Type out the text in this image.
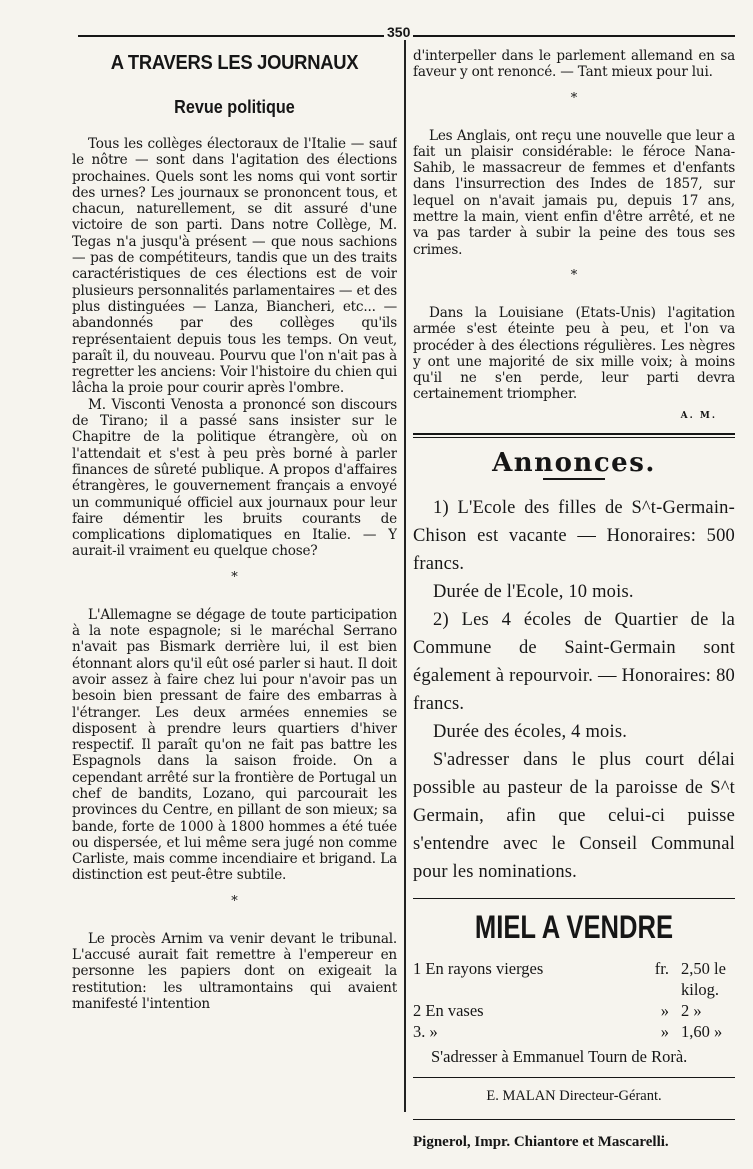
350
A TRAVERS LES JOURNAUX
Revue politique

Tous les collèges électoraux de l'Italie — sauf le nôtre — sont dans l'agitation des élections prochaines. Quels sont les noms qui vont sortir des urnes? Les journaux se prononcent tous, et chacun, naturellement, se dit assuré d'une victoire de son parti. Dans notre Collège, M. Tegas n'a jusqu'à présent — que nous sachions — pas de compétiteurs, tandis que un des traits caractéristiques de ces élections est de voir plusieurs personnalités parlamentaires — et des plus distinguées — Lanza, Biancheri, etc... — abandonnés par des collèges qu'ils représentaient depuis tous les temps. On veut, paraît il, du nouveau. Pourvu que l'on n'ait pas à regretter les anciens: Voir l'histoire du chien qui lâcha la proie pour courir après l'ombre.

M. Visconti Venosta a prononcé son discours de Tirano; il a passé sans insister sur le Chapitre de la politique étrangère, où on l'attendait et s'est à peu près borné à parler finances de sûreté publique. A propos d'affaires étrangères, le gouvernement français a envoyé un communiqué officiel aux journaux pour leur faire démentir les bruits courants de complications diplomatiques en Italie. — Y aurait-il vraiment eu quelque chose?

*

L'Allemagne se dégage de toute participation à la note espagnole; si le maréchal Serrano n'avait pas Bismark derrière lui, il est bien étonnant alors qu'il eût osé parler si haut. Il doit avoir assez à faire chez lui pour n'avoir pas un besoin bien pressant de faire des embarras à l'étranger. Les deux armées ennemies se disposent à prendre leurs quartiers d'hiver respectif. Il paraît qu'on ne fait pas battre les Espagnols dans la saison froide. On a cependant arrêté sur la frontière de Portugal un chef de bandits, Lozano, qui parcourait les provinces du Centre, en pillant de son mieux; sa bande, forte de 1000 à 1800 hommes a été tuée ou dispersée, et lui même sera jugé non comme Carliste, mais comme incendiaire et brigand. La distinction est peut-être subtile.

*

Le procès Arnim va venir devant le tribunal. L'accusé aurait fait remettre à l'empereur en personne les papiers dont on exigeait la restitution: les ultramontains qui avaient manifesté l'intention

d'interpeller dans le parlement allemand en sa faveur y ont renoncé. — Tant mieux pour lui.

*

Les Anglais, ont reçu une nouvelle que leur a fait un plaisir considérable: le féroce Nana-Sahib, le massacreur de femmes et d'enfants dans l'insurrection des Indes de 1857, sur lequel on n'avait jamais pu, depuis 17 ans, mettre la main, vient enfin d'être arrêté, et ne va pas tarder à subir la peine des tous ses crimes.

*

Dans la Louisiane (Etats-Unis) l'agitation armée s'est éteinte peu à peu, et l'on va procéder à des élections régulières. Les nègres y ont une majorité de six mille voix; à moins qu'il ne s'en perde, leur parti devra certainement triompher.

A. M.
Annonces.

1) L'Ecole des filles de S^t-Germain-Chison est vacante — Honoraires: 500 francs.

Durée de l'Ecole, 10 mois.

2) Les 4 écoles de Quartier de la Commune de Saint-Germain sont également à repourvoir. — Honoraires: 80 francs.

Durée des écoles, 4 mois.

S'adresser dans le plus court délai possible au pasteur de la paroisse de S^t Germain, afin que celui-ci puisse s'entendre avec le Conseil Communal pour les nominations.

MIEL A VENDRE
1 En rayons vierges	fr. 2,50 le kilog.
2 En vases	» 2 »
3. »	» 1,60 »
S'adresser à Emmanuel Tourn de Rorà.
E. MALAN Directeur-Gérant.
Pignerol, Impr. Chiantore et Mascarelli.
